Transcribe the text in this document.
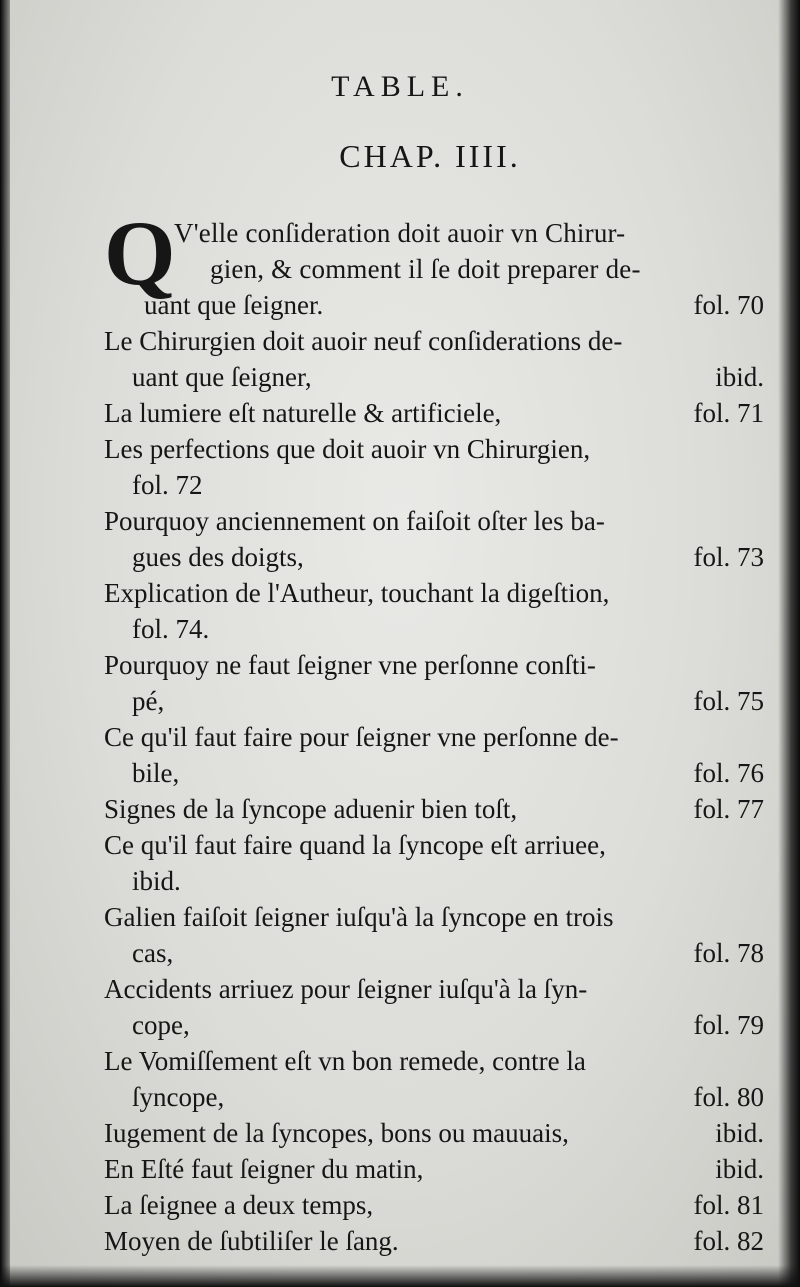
TABLE.
CHAP. IIII.
Q
V'elle conſideration doit auoir vn Chirur-
gien, & comment il ſe doit preparer de-
uant que ſeigner.	fol. 70
Le Chirurgien doit auoir neuf conſiderations de-
uant que ſeigner,	ibid.
La lumiere eſt naturelle & artificiele,	fol. 71
Les perfections que doit auoir vn Chirurgien,
fol. 72
Pourquoy anciennement on faiſoit oſter les ba-
gues des doigts,	fol. 73
Explication de l'Autheur, touchant la digeſtion,
fol. 74.
Pourquoy ne faut ſeigner vne perſonne conſti-
pé,	fol. 75
Ce qu'il faut faire pour ſeigner vne perſonne de-
bile,	fol. 76
Signes de la ſyncope aduenir bien toſt,	fol. 77
Ce qu'il faut faire quand la ſyncope eſt arriuee,
ibid.
Galien faiſoit ſeigner iuſqu'à la ſyncope en trois
cas,	fol. 78
Accidents arriuez pour ſeigner iuſqu'à la ſyn-
cope,	fol. 79
Le Vomiſſement eſt vn bon remede, contre la
ſyncope,	fol. 80
Iugement de la ſyncopes, bons ou mauuais,	ibid.
En Eſté faut ſeigner du matin,	ibid.
La ſeignee a deux temps,	fol. 81
Moyen de ſubtiliſer le ſang.	fol. 82
